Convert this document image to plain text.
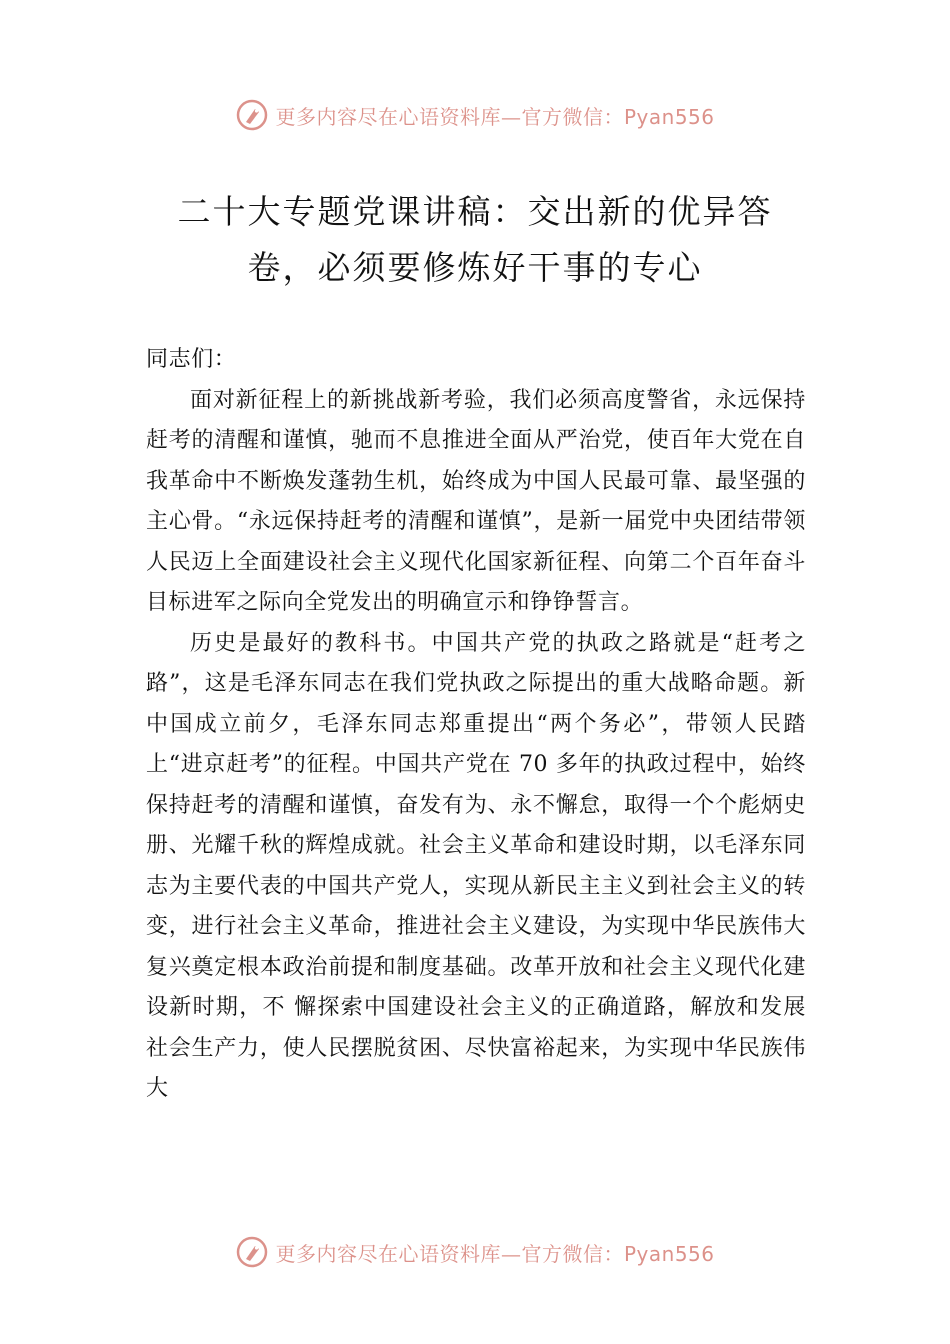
更多内容尽在心语资料库—官方微信：Pyan556
二十大专题党课讲稿：交出新的优异答
卷，必须要修炼好干事的专心

同志们：

面对新征程上的新挑战新考验，我们必须高度警省，永远保持赶考的清醒和谨慎，驰而不息推进全面从严治党，使百年大党在自我革命中不断焕发蓬勃生机，始终成为中国人民最可靠、最坚强的主心骨。“永远保持赶考的清醒和谨慎”，是新一届党中央团结带领人民迈上全面建设社会主义现代化国家新征程、向第二个百年奋斗目标进军之际向全党发出的明确宣示和铮铮誓言。

历史是最好的教科书。中国共产党的执政之路就是“赶考之路”，这是毛泽东同志在我们党执政之际提出的重大战略命题。新中国成立前夕，毛泽东同志郑重提出“两个务必”，带领人民踏上“进京赶考”的征程。中国共产党在 70 多年的执政过程中，始终保持赶考的清醒和谨慎，奋发有为、永不懈怠，取得一个个彪炳史册、光耀千秋的辉煌成就。社会主义革命和建设时期，以毛泽东同志为主要代表的中国共产党人，实现从新民主主义到社会主义的转变，进行社会主义革命，推进社会主义建设，为实现中华民族伟大复兴奠定根本政治前提和制度基础。改革开放和社会主义现代化建设新时期，不 懈探索中国建设社会主义的正确道路，解放和发展社会生产力，使人民摆脱贫困、尽快富裕起来，为实现中华民族伟大

更多内容尽在心语资料库—官方微信：Pyan556
